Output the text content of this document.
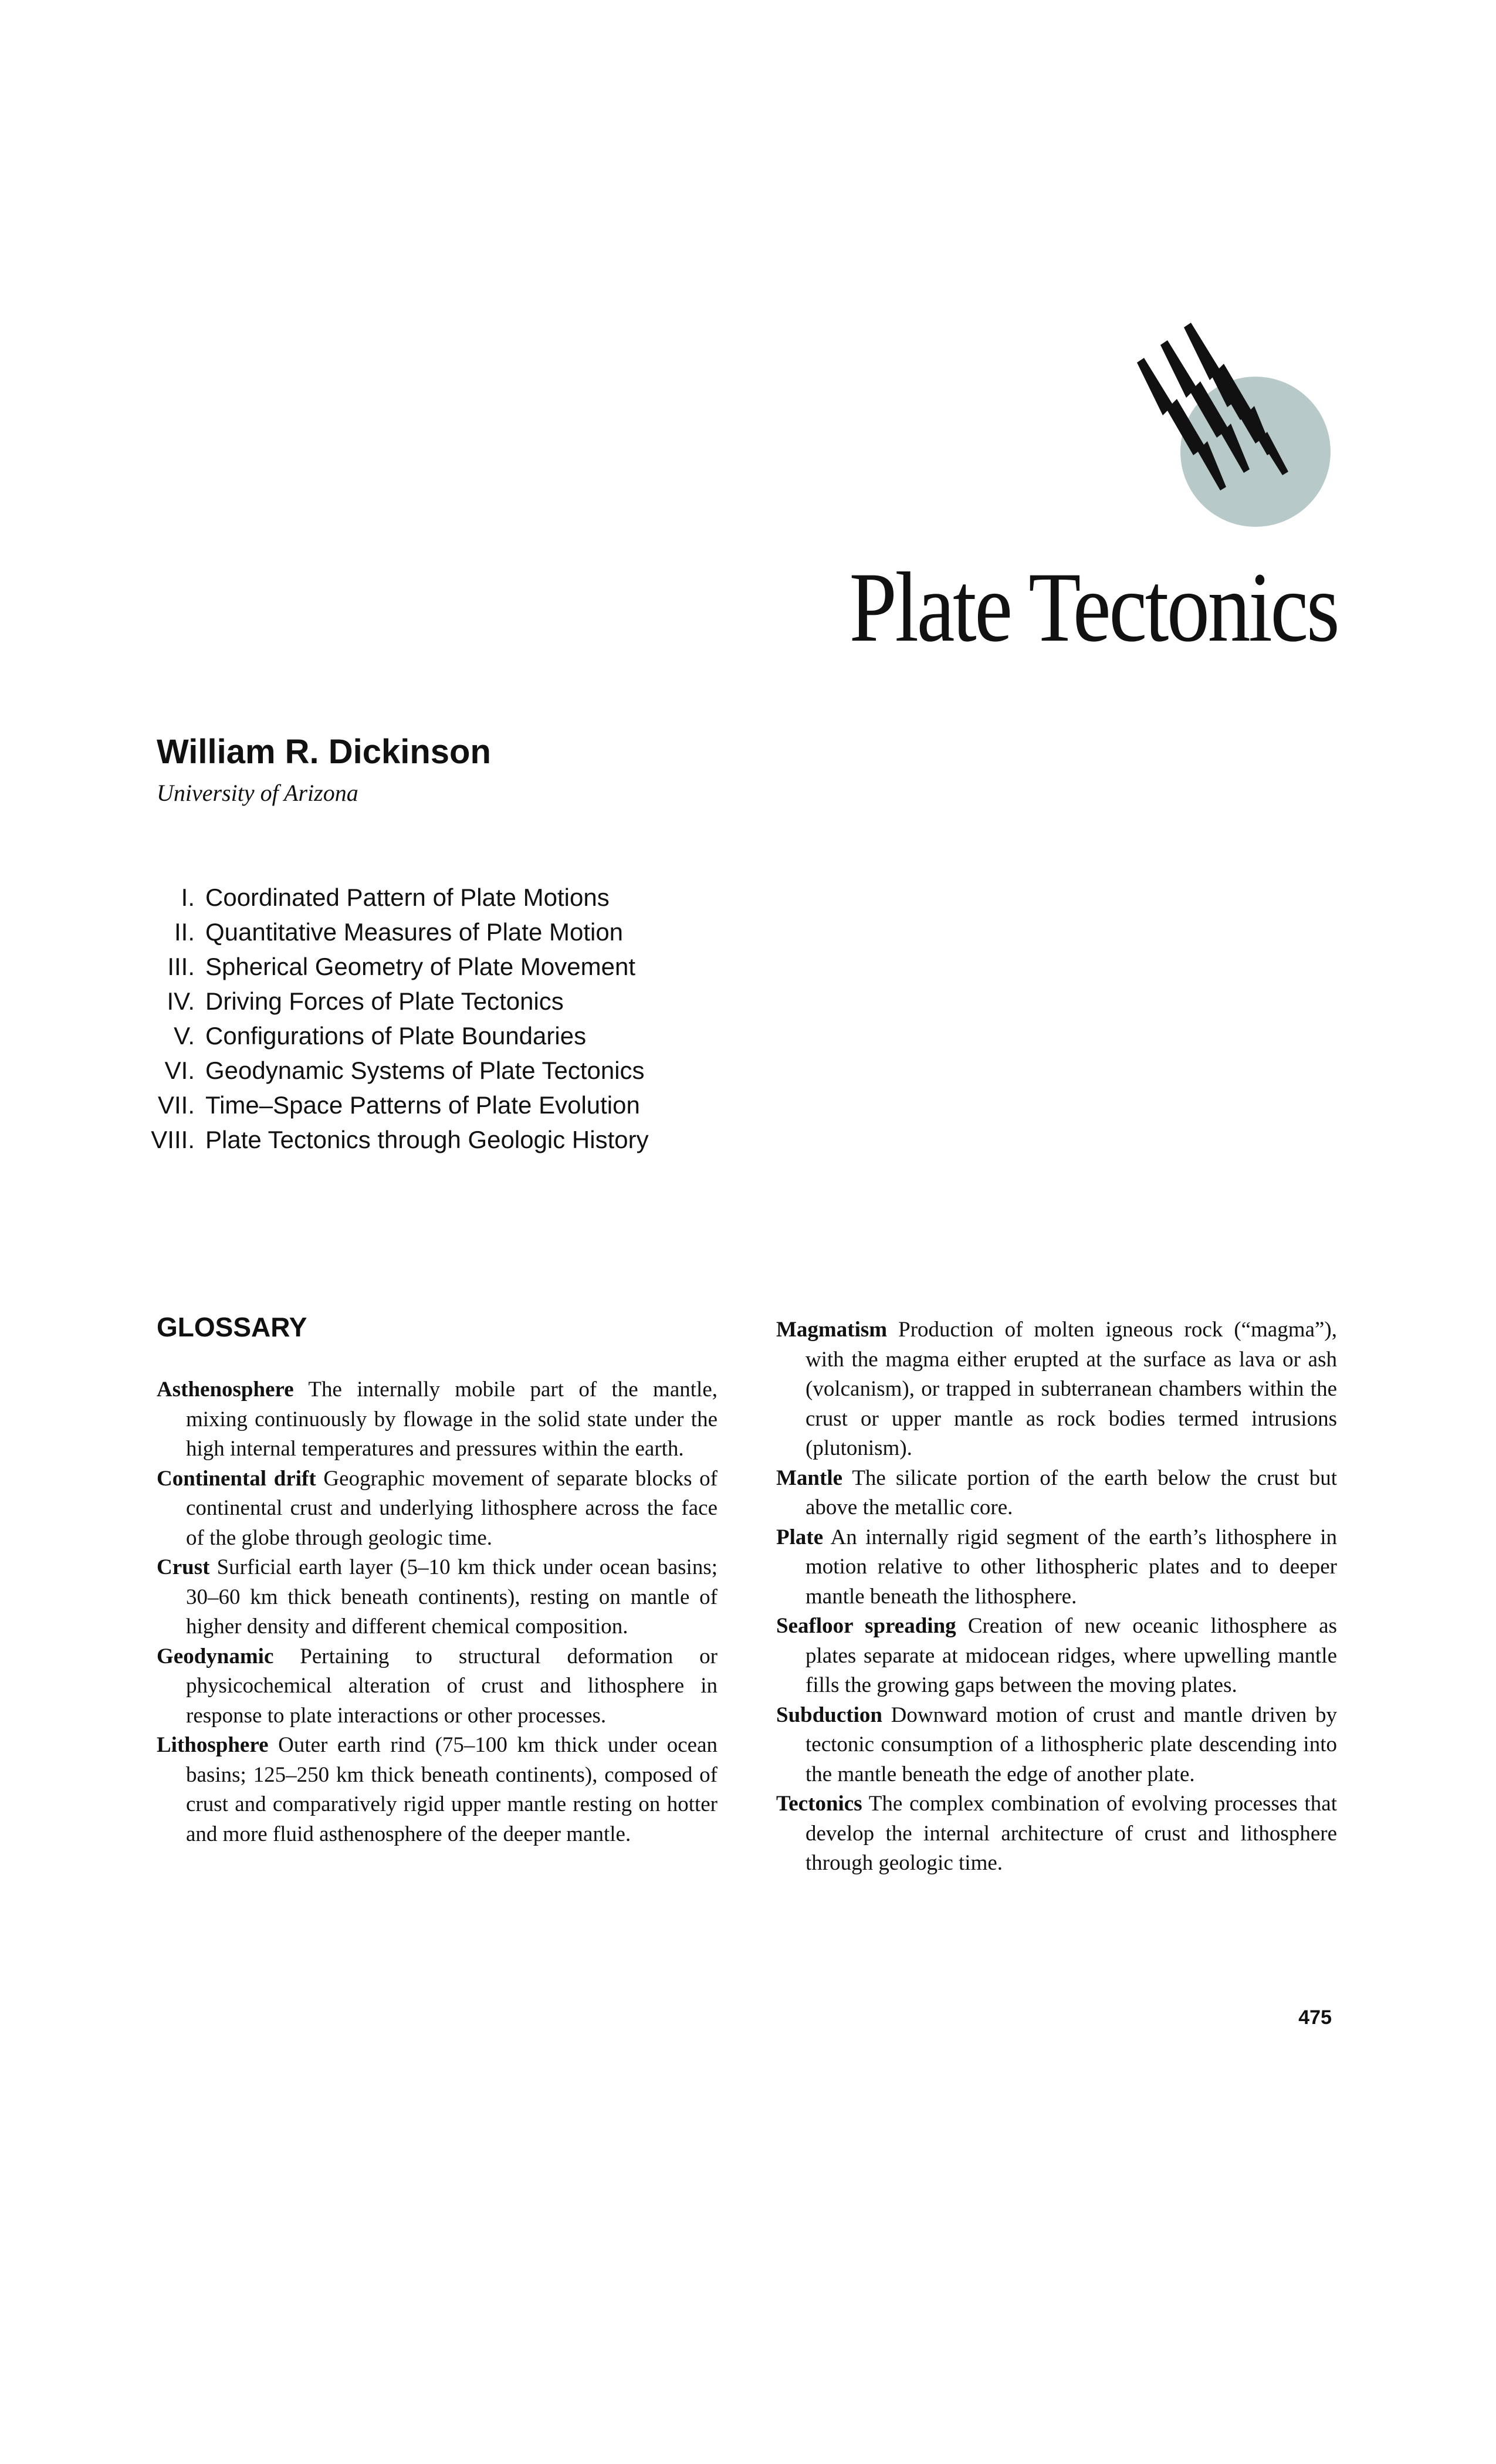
Plate Tectonics
William R. Dickinson
University of Arizona
I. Coordinated Pattern of Plate Motions
II. Quantitative Measures of Plate Motion
III. Spherical Geometry of Plate Movement
IV. Driving Forces of Plate Tectonics
V. Configurations of Plate Boundaries
VI. Geodynamic Systems of Plate Tectonics
VII. Time–Space Patterns of Plate Evolution
VIII. Plate Tectonics through Geologic History
GLOSSARY

Asthenosphere The internally mobile part of the mantle, mixing continuously by flowage in the solid state under the high internal temperatures and pressures within the earth.

Continental drift Geographic movement of separate blocks of continental crust and underlying lithosphere across the face of the globe through geologic time.

Crust Surficial earth layer (5–10 km thick under ocean basins; 30–60 km thick beneath continents), resting on mantle of higher density and different chemical composition.

Geodynamic Pertaining to structural deformation or physicochemical alteration of crust and lithosphere in response to plate interactions or other processes.

Lithosphere Outer earth rind (75–100 km thick under ocean basins; 125–250 km thick beneath continents), composed of crust and comparatively rigid upper mantle resting on hotter and more fluid asthenosphere of the deeper mantle.

Magmatism Production of molten igneous rock (“magma”), with the magma either erupted at the surface as lava or ash (volcanism), or trapped in subterranean chambers within the crust or upper mantle as rock bodies termed intrusions (plutonism).

Mantle The silicate portion of the earth below the crust but above the metallic core.

Plate An internally rigid segment of the earth’s lithosphere in motion relative to other lithospheric plates and to deeper mantle beneath the lithosphere.

Seafloor spreading Creation of new oceanic lithosphere as plates separate at midocean ridges, where upwelling mantle fills the growing gaps between the moving plates.

Subduction Downward motion of crust and mantle driven by tectonic consumption of a lithospheric plate descending into the mantle beneath the edge of another plate.

Tectonics The complex combination of evolving processes that develop the internal architecture of crust and lithosphere through geologic time.

475
